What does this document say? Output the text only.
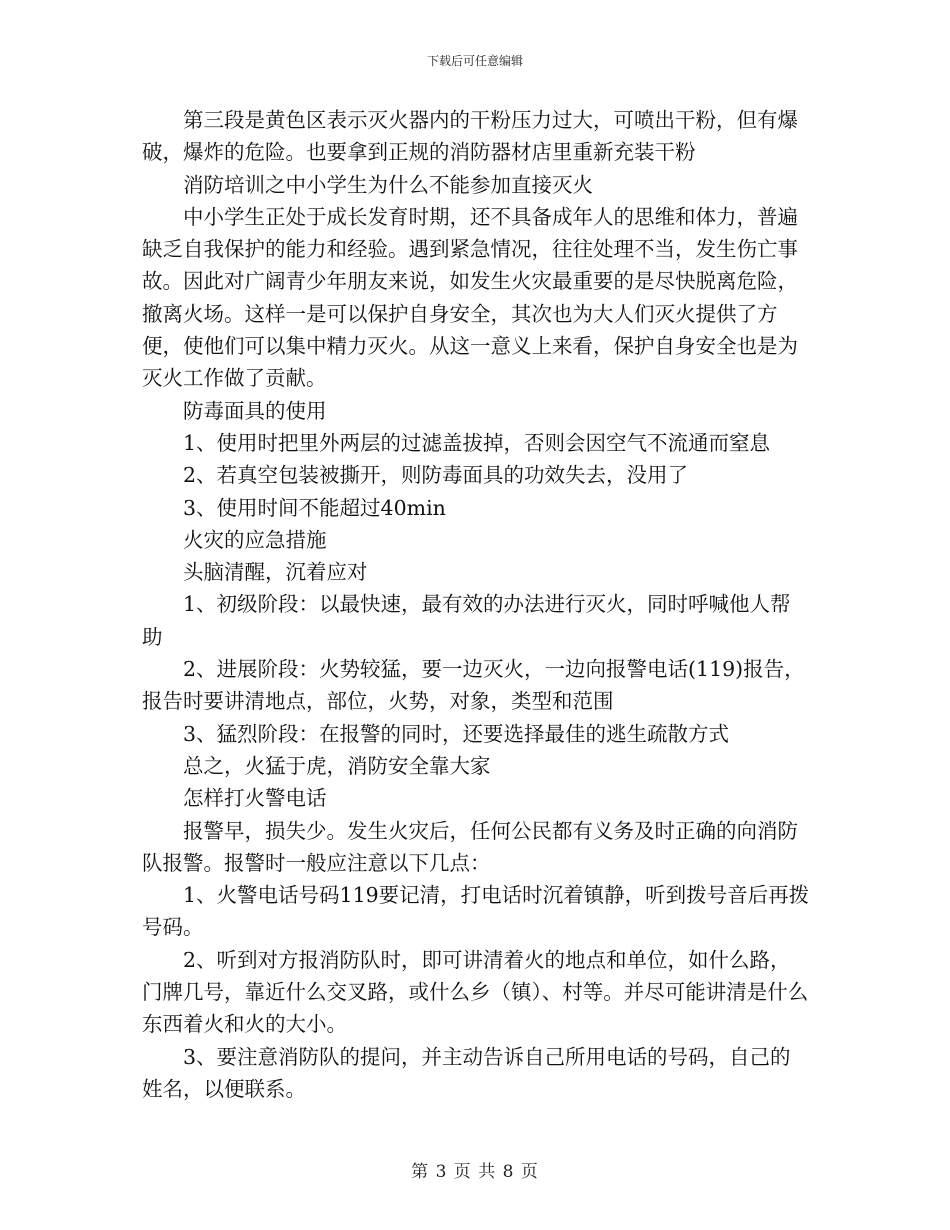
下载后可任意编辑

第三段是黄色区表示灭火器内的干粉压力过大，可喷出干粉，但有爆破，爆炸的危险。也要拿到正规的消防器材店里重新充装干粉

消防培训之中小学生为什么不能参加直接灭火

中小学生正处于成长发育时期，还不具备成年人的思维和体力，普遍缺乏自我保护的能力和经验。遇到紧急情况，往往处理不当，发生伤亡事故。因此对广阔青少年朋友来说，如发生火灾最重要的是尽快脱离危险，撤离火场。这样一是可以保护自身安全，其次也为大人们灭火提供了方便，使他们可以集中精力灭火。从这一意义上来看，保护自身安全也是为灭火工作做了贡献。

防毒面具的使用

1、使用时把里外两层的过滤盖拔掉，否则会因空气不流通而窒息

2、若真空包装被撕开，则防毒面具的功效失去，没用了

3、使用时间不能超过40min

火灾的应急措施

头脑清醒，沉着应对

1、初级阶段：以最快速，最有效的办法进行灭火，同时呼喊他人帮助

2、进展阶段：火势较猛，要一边灭火，一边向报警电话(119)报告，报告时要讲清地点，部位，火势，对象，类型和范围

3、猛烈阶段：在报警的同时，还要选择最佳的逃生疏散方式

总之，火猛于虎，消防安全靠大家

怎样打火警电话

报警早，损失少。发生火灾后，任何公民都有义务及时正确的向消防队报警。报警时一般应注意以下几点：

1、火警电话号码119要记清，打电话时沉着镇静，听到拨号音后再拨号码。

2、听到对方报消防队时，即可讲清着火的地点和单位，如什么路，门牌几号，靠近什么交叉路，或什么乡（镇）、村等。并尽可能讲清是什么东西着火和火的大小。

3、要注意消防队的提问，并主动告诉自己所用电话的号码，自己的姓名，以便联系。

第 3 页 共 8 页
